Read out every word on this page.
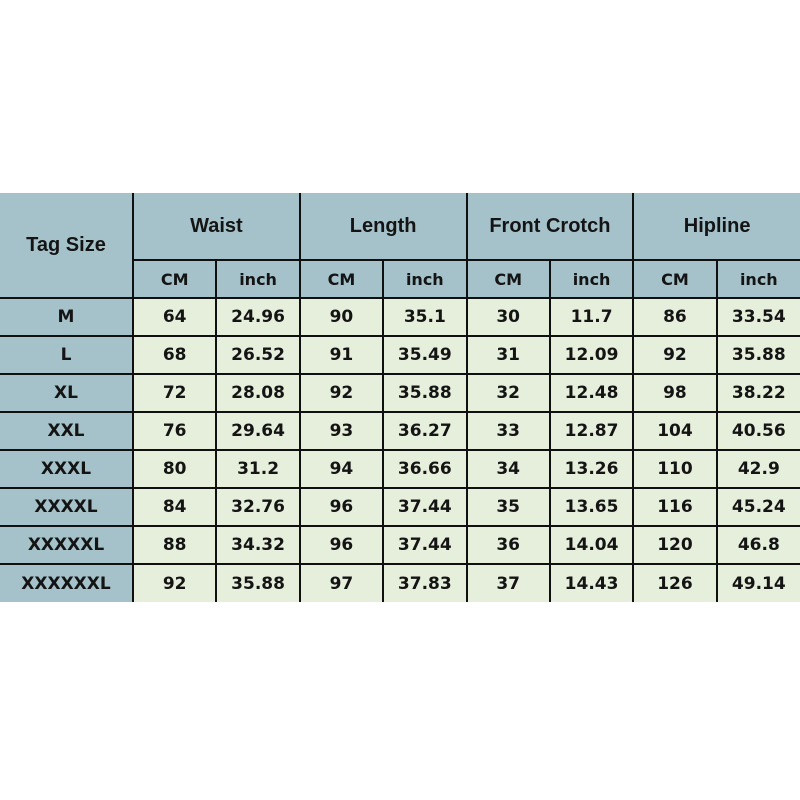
Tag Size	Waist		Length		Front Crotch		Hipline	
	CM	inch	CM	inch	CM	inch	CM	inch
M	64	24.96	90	35.1	30	11.7	86	33.54
L	68	26.52	91	35.49	31	12.09	92	35.88
XL	72	28.08	92	35.88	32	12.48	98	38.22
XXL	76	29.64	93	36.27	33	12.87	104	40.56
XXXL	80	31.2	94	36.66	34	13.26	110	42.9
XXXXL	84	32.76	96	37.44	35	13.65	116	45.24
XXXXXL	88	34.32	96	37.44	36	14.04	120	46.8
XXXXXXL	92	35.88	97	37.83	37	14.43	126	49.14
